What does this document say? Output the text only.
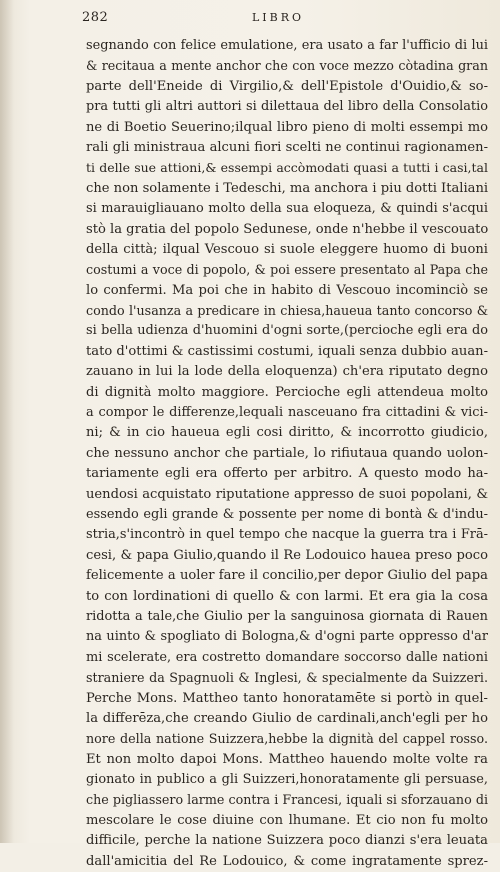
282	LIBRO
segnando con felice emulatione, era usato a far l'ufficio di lui
& recitaua a mente anchor che con voce mezzo còtadina gran
parte dell'Eneide di Virgilio,& dell'Epistole d'Ouidio,& so-
pra tutti gli altri auttori si dilettaua del libro della Consolatio
ne di Boetio Seuerino;ilqual libro pieno di molti essempi mo
rali gli ministraua alcuni fiori scelti ne continui ragionamen-
ti delle sue attioni,& essempi accòmodati quasi a tutti i casi,tal
che non solamente i Tedeschi, ma anchora i piu dotti Italiani
si marauigliauano molto della sua eloqueza, & quindi s'acqui
stò la gratia del popolo Sedunese, onde n'hebbe il vescouato
della città; ilqual Vescouo si suole eleggere huomo di buoni
costumi a voce di popolo, & poi essere presentato al Papa che
lo confermi. Ma poi che in habito di Vescouo incominciò se
condo l'usanza a predicare in chiesa,haueua tanto concorso &
si bella udienza d'huomini d'ogni sorte,(percioche egli era do
tato d'ottimi & castissimi costumi, iquali senza dubbio auan-
zauano in lui la lode della eloquenza) ch'era riputato degno
di dignità molto maggiore. Percioche egli attendeua molto
a compor le differenze,lequali nasceuano fra cittadini & vici-
ni; & in cio haueua egli cosi diritto, & incorrotto giudicio,
che nessuno anchor che partiale, lo rifiutaua quando uolon-
tariamente egli era offerto per arbitro. A questo modo ha-
uendosi acquistato riputatione appresso de suoi popolani, &
essendo egli grande & possente per nome di bontà & d'indu-
stria,s'incontrò in quel tempo che nacque la guerra tra i Frā-
cesi, & papa Giulio,quando il Re Lodouico hauea preso poco
felicemente a uoler fare il concilio,per depor Giulio del papa
to con lordinationi di quello & con larmi. Et era gia la cosa
ridotta a tale,che Giulio per la sanguinosa giornata di Rauen
na uinto & spogliato di Bologna,& d'ogni parte oppresso d'ar
mi scelerate, era costretto domandare soccorso dalle nationi
straniere da Spagnuoli & Inglesi, & specialmente da Suizzeri.
Perche Mons. Mattheo tanto honoratamēte si portò in quel-
la differēza,che creando Giulio de cardinali,anch'egli per ho
nore della natione Suizzera,hebbe la dignità del cappel rosso.
Et non molto dapoi Mons. Mattheo hauendo molte volte ra
gionato in publico a gli Suizzeri,honoratamente gli persuase,
che pigliassero larme contra i Francesi, iquali si sforzauano di
mescolare le cose diuine con lhumane. Et cio non fu molto
difficile, perche la natione Suizzera poco dianzi s'era leuata
dall'amicitia del Re Lodouico, & come ingratamente sprez-
